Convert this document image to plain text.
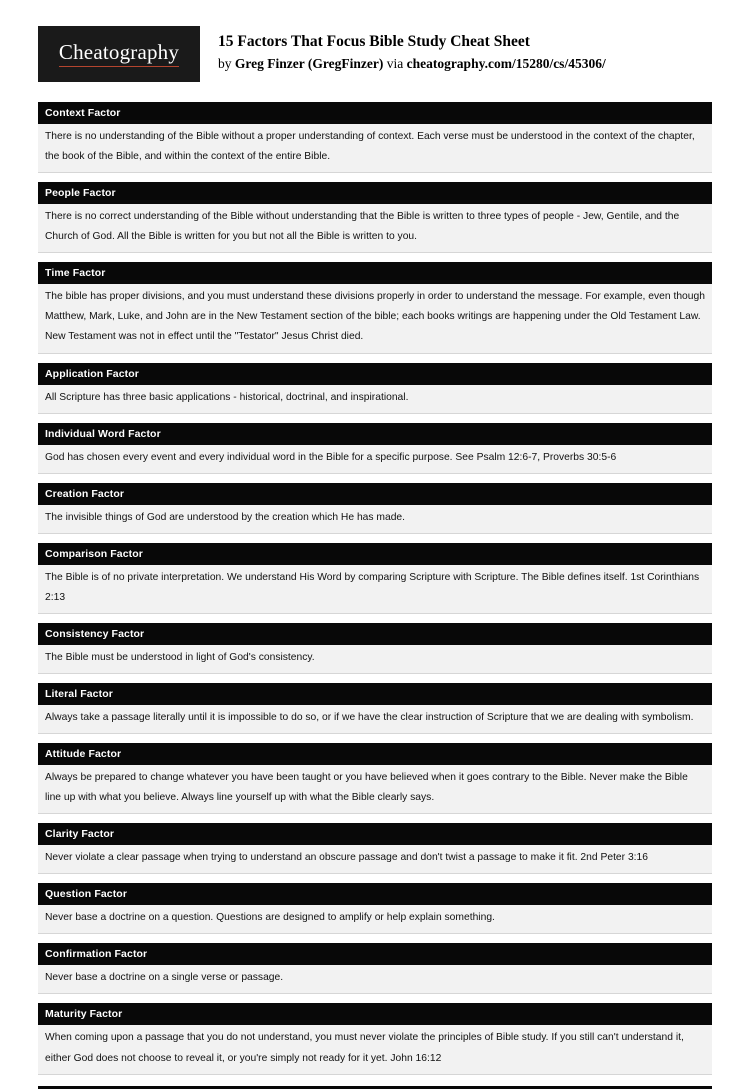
Cheatography	15 Factors That Focus Bible Study Cheat Sheet
by Greg Finzer (GregFinzer) via cheatography.com/15280/cs/45306/
Context Factor
There is no understanding of the Bible without a proper understanding of context. Each verse must be understood in the context of the chapter, the book of the Bible, and within the context of the entire Bible.
People Factor
There is no correct understanding of the Bible without understanding that the Bible is written to three types of people - Jew, Gentile, and the Church of God. All the Bible is written for you but not all the Bible is written to you.
Time Factor
The bible has proper divisions, and you must understand these divisions properly in order to understand the message. For example, even though Matthew, Mark, Luke, and John are in the New Testament section of the bible; each books writings are happening under the Old Testament Law. New Testament was not in effect until the "Testator" Jesus Christ died.
Application Factor
All Scripture has three basic applications - historical, doctrinal, and inspirational.
Individual Word Factor
God has chosen every event and every individual word in the Bible for a specific purpose. See Psalm 12:6-7, Proverbs 30:5-6
Creation Factor
The invisible things of God are understood by the creation which He has made.
Comparison Factor
The Bible is of no private interpretation. We understand His Word by comparing Scripture with Scripture. The Bible defines itself. 1st Corinthians 2:13
Consistency Factor
The Bible must be understood in light of God's consistency.
Literal Factor
Always take a passage literally until it is impossible to do so, or if we have the clear instruction of Scripture that we are dealing with symbolism.
Attitude Factor
Always be prepared to change whatever you have been taught or you have believed when it goes contrary to the Bible. Never make the Bible line up with what you believe. Always line yourself up with what the Bible clearly says.
Clarity Factor
Never violate a clear passage when trying to understand an obscure passage and don't twist a passage to make it fit. 2nd Peter 3:16
Question Factor
Never base a doctrine on a question. Questions are designed to amplify or help explain something.
Confirmation Factor
Never base a doctrine on a single verse or passage.
Maturity Factor
When coming upon a passage that you do not understand, you must never violate the principles of Bible study. If you still can't understand it, either God does not choose to reveal it, or you're simply not ready for it yet. John 16:12
